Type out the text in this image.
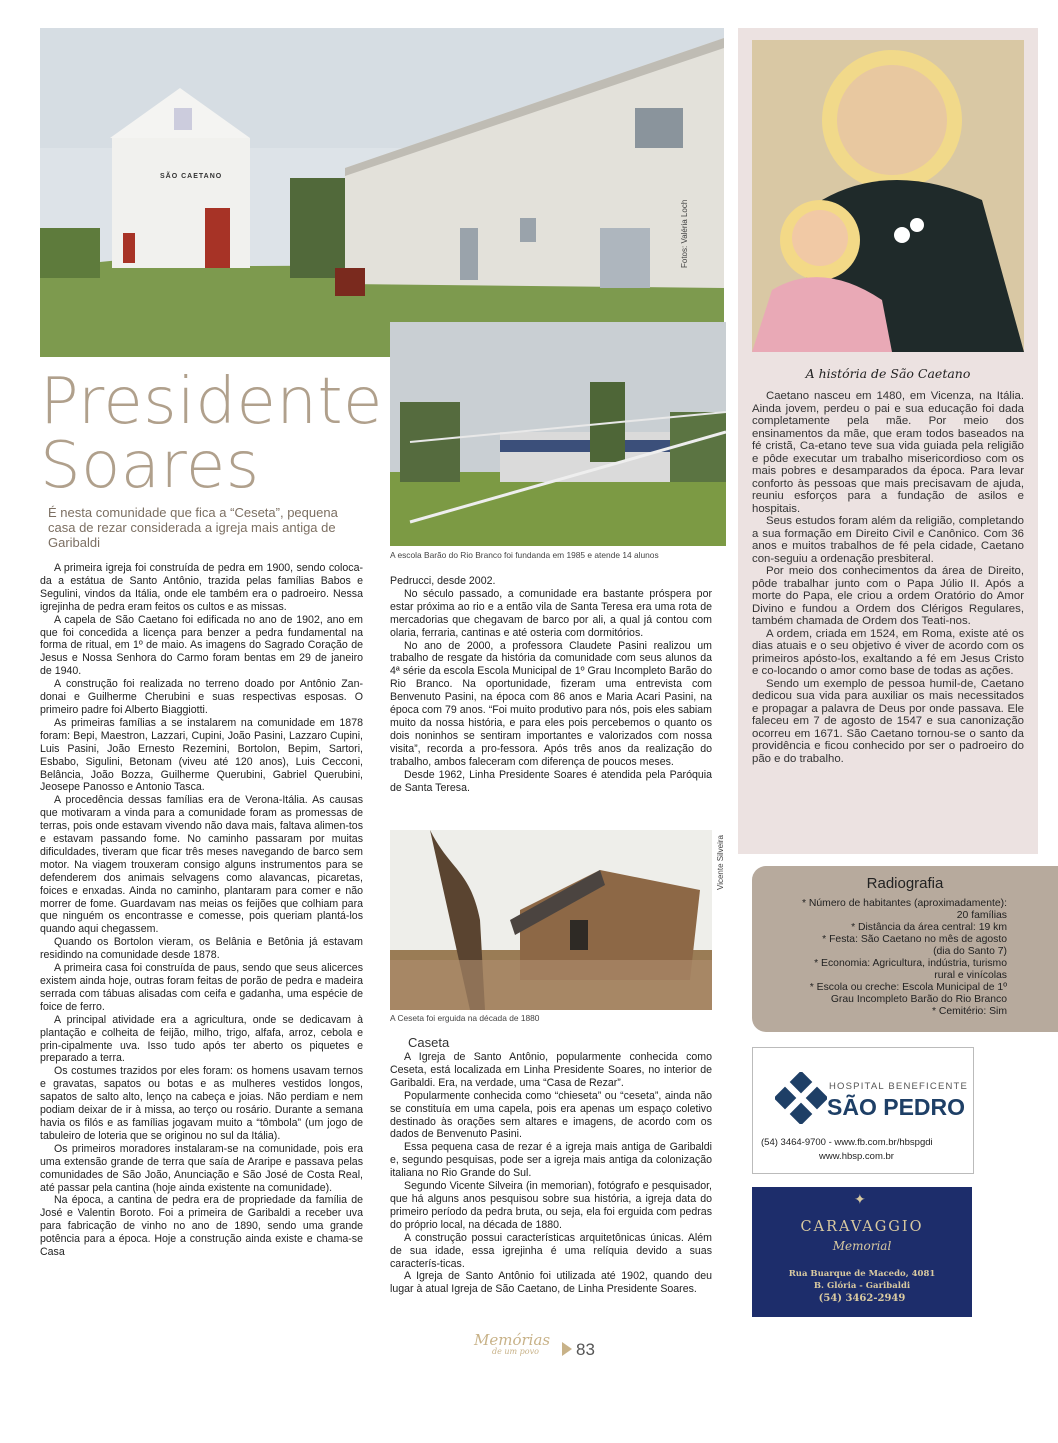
SÃO CAETANO
Fotos: Valéria Loch
A escola Barão do Rio Branco foi fundanda em 1985 e atende 14 alunos
Vicente Silveira
A Ceseta foi erguida na década de 1880
Presidente
Soares
É nesta comunidade que fica a “Ceseta”, pequena casa de rezar considerada a igreja mais antiga de Garibaldi

A primeira igreja foi construída de pedra em 1900, sendo coloca-da a estátua de Santo Antônio, trazida pelas famílias Babos e Segulini, vindos da Itália, onde ele também era o padroeiro. Nessa igrejinha de pedra eram feitos os cultos e as missas.

A capela de São Caetano foi edificada no ano de 1902, ano em que foi concedida a licença para benzer a pedra fundamental na forma de ritual, em 1º de maio. As imagens do Sagrado Coração de Jesus e Nossa Senhora do Carmo foram bentas em 29 de janeiro de 1940.

A construção foi realizada no terreno doado por Antônio Zan-donai e Guilherme Cherubini e suas respectivas esposas. O primeiro padre foi Alberto Biaggiotti.

As primeiras famílias a se instalarem na comunidade em 1878 foram: Bepi, Maestron, Lazzari, Cupini, João Pasini, Lazzaro Cupini, Luis Pasini, João Ernesto Rezemini, Bortolon, Bepim, Sartori, Esbabo, Sigulini, Betonam (viveu até 120 anos), Luis Cecconi, Belância, João Bozza, Guilherme Querubini, Gabriel Querubini, Jeosepe Panosso e Antonio Tasca.

A procedência dessas famílias era de Verona-Itália. As causas que motivaram a vinda para a comunidade foram as promessas de terras, pois onde estavam vivendo não dava mais, faltava alimen-tos e estavam passando fome. No caminho passaram por muitas dificuldades, tiveram que ficar três meses navegando de barco sem motor. Na viagem trouxeram consigo alguns instrumentos para se defenderem dos animais selvagens como alavancas, picaretas, foices e enxadas. Ainda no caminho, plantaram para comer e não morrer de fome. Guardavam nas meias os feijões que colhiam para que ninguém os encontrasse e comesse, pois queriam plantá-los quando aqui chegassem.

Quando os Bortolon vieram, os Belânia e Betônia já estavam residindo na comunidade desde 1878.

A primeira casa foi construída de paus, sendo que seus alicerces existem ainda hoje, outras foram feitas de porão de pedra e madeira serrada com tábuas alisadas com ceifa e gadanha, uma espécie de foice de ferro.

A principal atividade era a agricultura, onde se dedicavam à plantação e colheita de feijão, milho, trigo, alfafa, arroz, cebola e prin-cipalmente uva. Isso tudo após ter aberto os piquetes e preparado a terra.

Os costumes trazidos por eles foram: os homens usavam ternos e gravatas, sapatos ou botas e as mulheres vestidos longos, sapatos de salto alto, lenço na cabeça e joias. Não perdiam e nem podiam deixar de ir à missa, ao terço ou rosário. Durante a semana havia os filós e as famílias jogavam muito a “tômbola” (um jogo de tabuleiro de loteria que se originou no sul da Itália).

Os primeiros moradores instalaram-se na comunidade, pois era uma extensão grande de terra que saía de Araripe e passava pelas comunidades de São João, Anunciação e São José de Costa Real, até passar pela cantina (hoje ainda existente na comunidade).

Na época, a cantina de pedra era de propriedade da família de José e Valentin Boroto. Foi a primeira de Garibaldi a receber uva para fabricação de vinho no ano de 1890, sendo uma grande potência para a época. Hoje a construção ainda existe e chama-se Casa

Pedrucci, desde 2002.

No século passado, a comunidade era bastante próspera por estar próxima ao rio e a então vila de Santa Teresa era uma rota de mercadorias que chegavam de barco por ali, a qual já contou com olaria, ferraria, cantinas e até osteria com dormitórios.

No ano de 2000, a professora Claudete Pasini realizou um trabalho de resgate da história da comunidade com seus alunos da 4ª série da escola Escola Municipal de 1º Grau Incompleto Barão do Rio Branco. Na oportunidade, fizeram uma entrevista com Benvenuto Pasini, na época com 86 anos e Maria Acari Pasini, na época com 79 anos. “Foi muito produtivo para nós, pois eles sabiam muito da nossa história, e para eles pois percebemos o quanto os dois noninhos se sentiram importantes e valorizados com nossa visita”, recorda a pro-fessora. Após três anos da realização do trabalho, ambos faleceram com diferença de poucos meses.

Desde 1962, Linha Presidente Soares é atendida pela Paróquia de Santa Teresa.

Caseta

A Igreja de Santo Antônio, popularmente conhecida como Ceseta, está localizada em Linha Presidente Soares, no interior de Garibaldi. Era, na verdade, uma “Casa de Rezar”.

Popularmente conhecida como “chieseta” ou “ceseta”, ainda não se constituía em uma capela, pois era apenas um espaço coletivo destinado às orações sem altares e imagens, de acordo com os dados de Benvenuto Pasini.

Essa pequena casa de rezar é a igreja mais antiga de Garibaldi e, segundo pesquisas, pode ser a igreja mais antiga da colonização italiana no Rio Grande do Sul.

Segundo Vicente Silveira (in memorian), fotógrafo e pesquisador, que há alguns anos pesquisou sobre sua história, a igreja data do primeiro período da pedra bruta, ou seja, ela foi erguida com pedras do próprio local, na década de 1880.

A construção possui características arquitetônicas únicas. Além de sua idade, essa igrejinha é uma relíquia devido a suas caracterís-ticas.

A Igreja de Santo Antônio foi utilizada até 1902, quando deu lugar à atual Igreja de São Caetano, de Linha Presidente Soares.

A história de São Caetano

Caetano nasceu em 1480, em Vicenza, na Itália. Ainda jovem, perdeu o pai e sua educação foi dada completamente pela mãe. Por meio dos ensinamentos da mãe, que eram todos baseados na fé cristã, Ca-etano teve sua vida guiada pela religião e pôde executar um trabalho misericordioso com os mais pobres e desamparados da época. Para levar conforto às pessoas que mais precisavam de ajuda, reuniu esforços para a fundação de asilos e hospitais.

Seus estudos foram além da religião, completando a sua formação em Direito Civil e Canônico. Com 36 anos e muitos trabalhos de fé pela cidade, Caetano con-seguiu a ordenação presbiteral.

Por meio dos conhecimentos da área de Direito, pôde trabalhar junto com o Papa Júlio II. Após a morte do Papa, ele criou a ordem Oratório do Amor Divino e fundou a Ordem dos Clérigos Regulares, também chamada de Ordem dos Teati-nos.

A ordem, criada em 1524, em Roma, existe até os dias atuais e o seu objetivo é viver de acordo com os primeiros apósto-los, exaltando a fé em Jesus Cristo e co-locando o amor como base de todas as ações.

Sendo um exemplo de pessoa humil-de, Caetano dedicou sua vida para auxiliar os mais necessitados e propagar a palavra de Deus por onde passava. Ele faleceu em 7 de agosto de 1547 e sua canonização ocorreu em 1671. São Caetano tornou-se o santo da providência e ficou conhecido por ser o padroeiro do pão e do trabalho.

Radiografia
* Número de habitantes (aproximadamente):
20 famílias
* Distância da área central: 19 km
* Festa: São Caetano no mês de agosto
(dia do Santo 7)
* Economia: Agricultura, indústria, turismo
rural e vinícolas
* Escola ou creche: Escola Municipal de 1º
Grau Incompleto Barão do Rio Branco
* Cemitério: Sim
HOSPITAL BENEFICENTE
SÃO PEDRO
(54) 3464-9700 - www.fb.com.br/hbspgdi
www.hbsp.com.br
✦
CARAVAGGIO
Memorial
Rua Buarque de Macedo, 4081
B. Glória - Garibaldi
(54) 3462-2949
Memórias
de um povo	83
